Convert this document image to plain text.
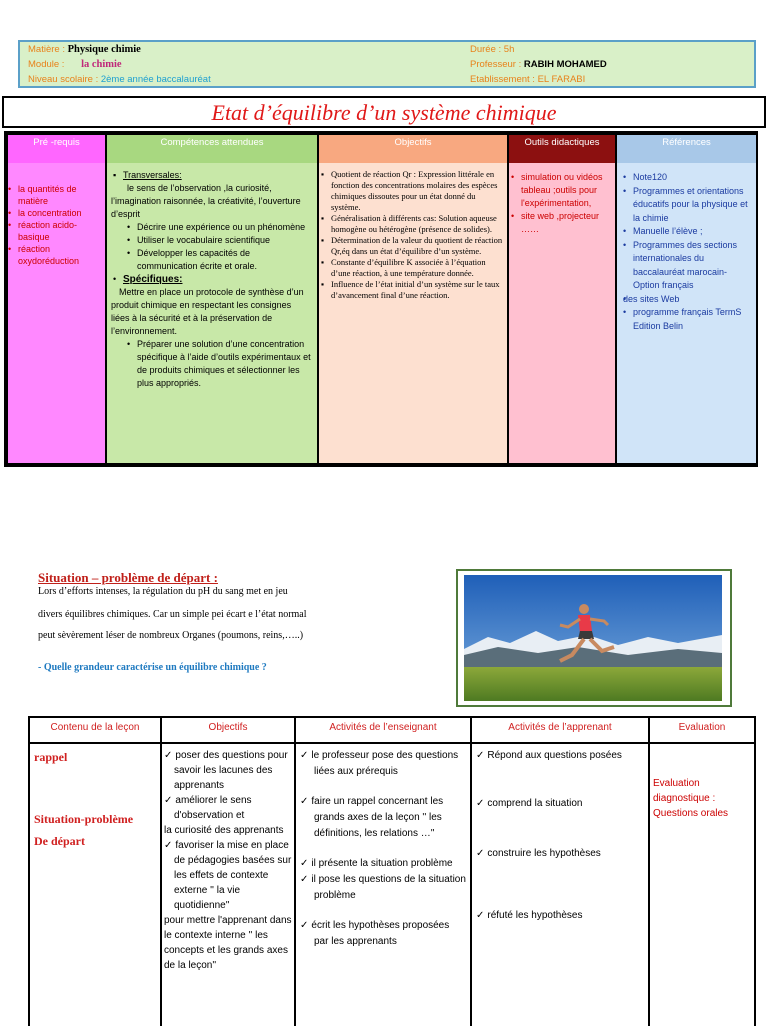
Matière : Physique chimie
Module : la chimie
Niveau scolaire : 2ème année baccalauréat
Durée : 5h
Professeur : RABIH MOHAMED
Etablissement : EL FARABI
Etat d’équilibre d’un système chimique
Pré -requis
• la quantités de matière
• la concentration
• réaction acido-basique
• réaction oxydoréduction
Compétences attendues
▪ Transversales:
le sens de l’observation ,la curiosité, l’imagination raisonnée, la créativité, l’ouverture d’esprit
• Décrire une expérience ou un phénomène
• Utiliser le vocabulaire scientifique
• Développer les capacités de communication écrite et orale.
• Spécifiques:
Mettre en place un protocole de synthèse d’un produit chimique en respectant les consignes liées à la sécurité et à la préservation de l’environnement.
• Préparer une solution d’une concentration spécifique à l’aide d’outils expérimentaux et de produits chimiques et sélectionner les plus appropriés.
Objectifs
▪ Quotient de réaction Qr : Expression littérale en fonction des concentrations molaires des espèces chimiques dissoutes pour un état donné du système.
▪ Généralisation à différents cas: Solution aqueuse homogène ou hétérogène (présence de solides).
▪ Détermination de la valeur du quotient de réaction Qr,éq dans un état d’équilibre d’un système.
▪ Constante d’équilibre K associée à l’équation d’une réaction, à une température donnée.
▪ Influence de l’état initial d’un système sur le taux d’avancement final d’une réaction.
Outils didactiques
• simulation ou vidéos tableau ;outils pour l'expérimentation,
• site web ,projecteur ……
Références
• Note120
• Programmes et orientations éducatifs pour la physique et la chimie
• Manuelle l’élève ;
• Programmes des sections internationales du baccalauréat marocain-Option français
• des sites Web
• programme français TermS Edition Belin
Situation – problème de départ :
Lors d’efforts intenses, la régulation du pH du sang met en jeu
divers équilibres chimiques. Car un simple pei écart e l’état normal
peut sèvèrement léser de nombreux Organes (poumons, reins,…..)
- Quelle grandeur caractérise un équilibre chimique ?
Contenu de la leçon
rappel
Situation-problème
De départ
Objectifs
✓ poser des questions pour savoir les lacunes des apprenants
✓ améliorer le sens d'observation et
la curiosité des apprenants
✓ favoriser la mise en place de pédagogies basées sur les effets de contexte externe '' la vie quotidienne''
pour mettre l'apprenant dans le contexte interne '' les concepts et les grands axes de la leçon''
Activités de l’enseignant
✓ le professeur pose des questions liées aux prérequis
✓ faire un rappel concernant les grands axes de la leçon '' les définitions, les relations …''
✓ il présente la situation problème
✓ il pose les questions de la situation problème
✓ écrit les hypothèses proposées par les apprenants
Activités de l’apprenant
✓ Répond aux questions posées
✓ comprend la situation
✓ construire les hypothèses
✓ réfuté les hypothèses
Evaluation
Evaluation diagnostique : Questions orales
